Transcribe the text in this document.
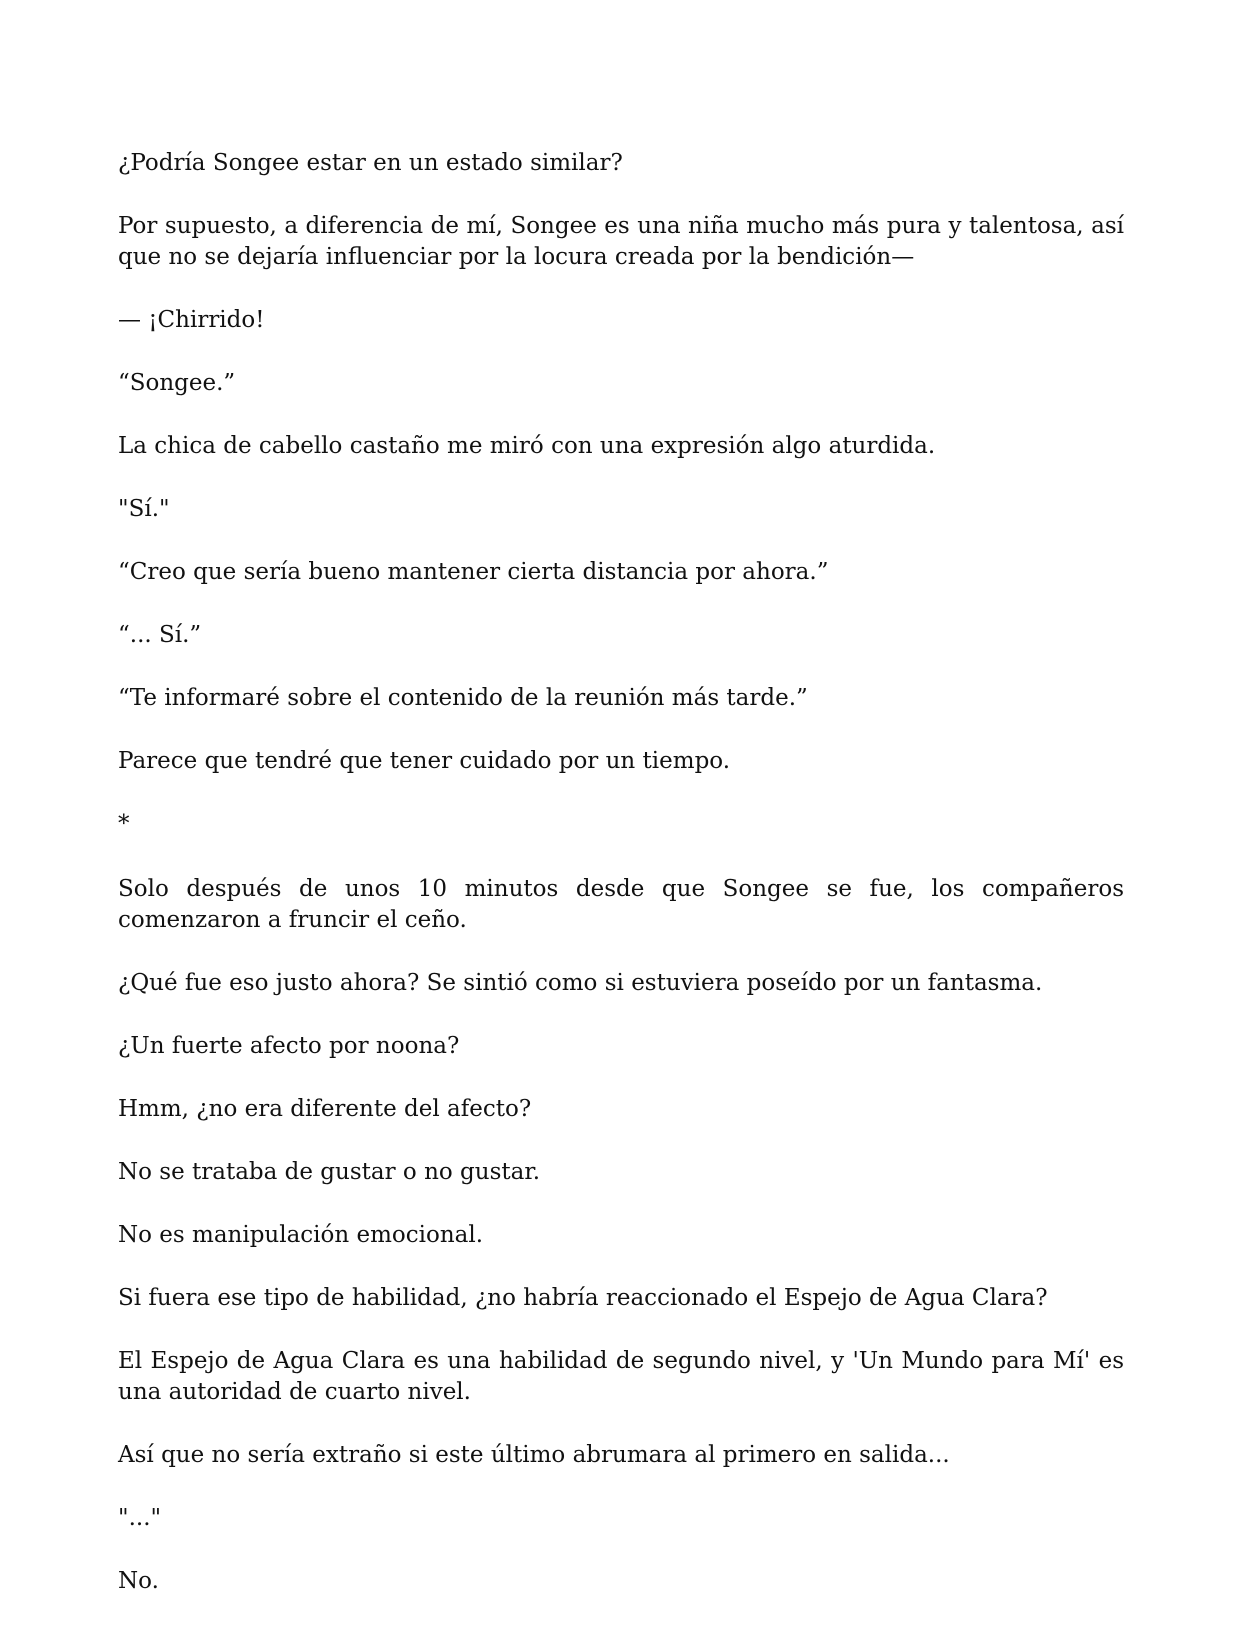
¿Podría Songee estar en un estado similar?

Por supuesto, a diferencia de mí, Songee es una niña mucho más pura y talentosa, así que no se dejaría influenciar por la locura creada por la bendición—

— ¡Chirrido!

“Songee.”

La chica de cabello castaño me miró con una expresión algo aturdida.

"Sí."

“Creo que sería bueno mantener cierta distancia por ahora.”

“... Sí.”

“Te informaré sobre el contenido de la reunión más tarde.”

Parece que tendré que tener cuidado por un tiempo.

*

Solo después de unos 10 minutos desde que Songee se fue, los compañeros comenzaron a fruncir el ceño.

¿Qué fue eso justo ahora? Se sintió como si estuviera poseído por un fantasma.

¿Un fuerte afecto por noona?

Hmm, ¿no era diferente del afecto?

No se trataba de gustar o no gustar.

No es manipulación emocional.

Si fuera ese tipo de habilidad, ¿no habría reaccionado el Espejo de Agua Clara?

El Espejo de Agua Clara es una habilidad de segundo nivel, y 'Un Mundo para Mí' es una autoridad de cuarto nivel.

Así que no sería extraño si este último abrumara al primero en salida...

"..."

No.
